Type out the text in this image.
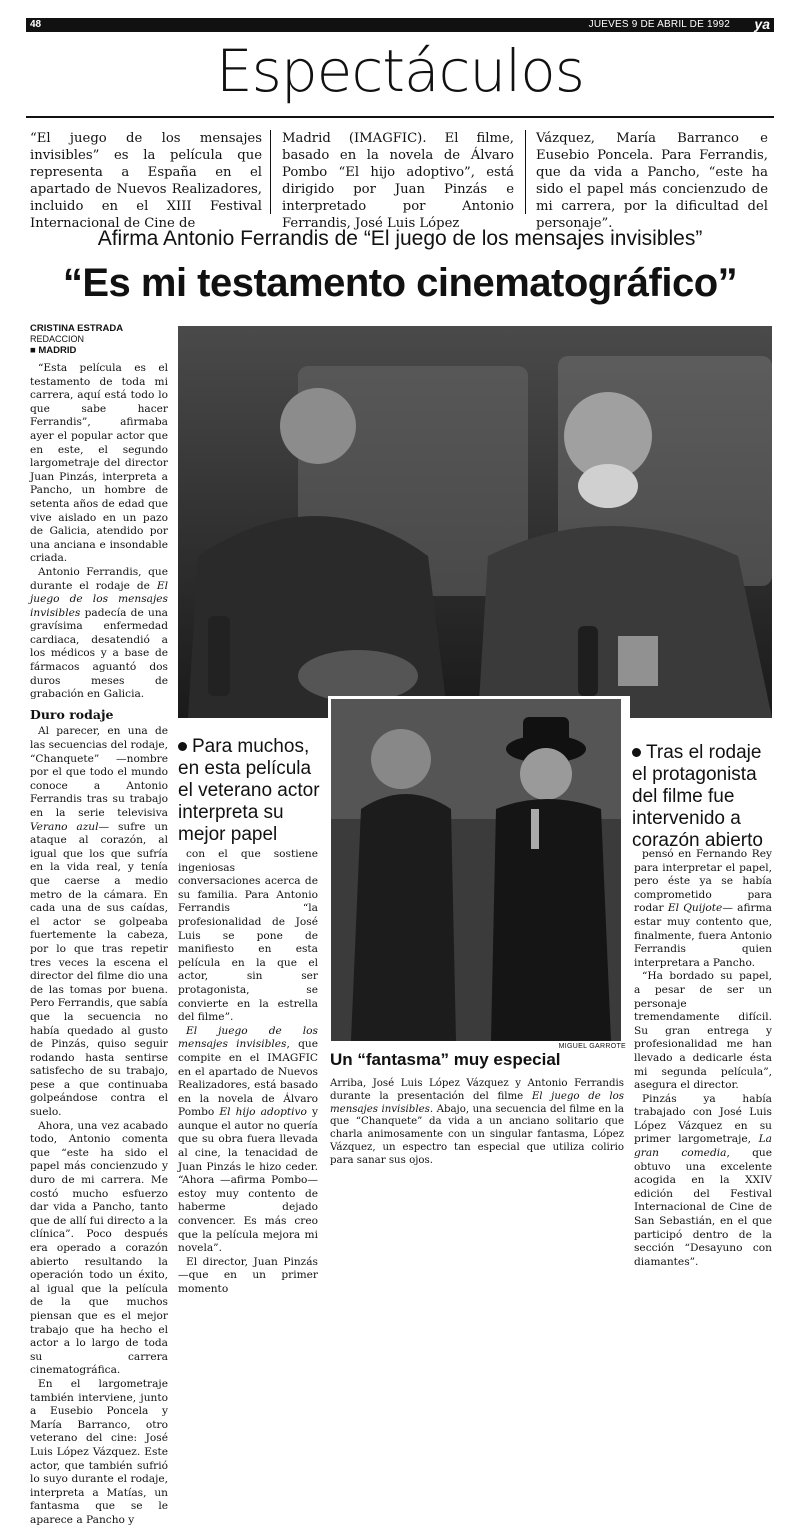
48	JUEVES 9 DE ABRIL DE 1992 ya
Espectáculos
“El juego de los mensajes invisibles” es la película que representa a España en el apartado de Nuevos Realizadores, incluido en el XIII Festival Internacional de Cine de
Madrid (IMAGFIC). El filme, basado en la novela de Álvaro Pombo “El hijo adoptivo”, está dirigido por Juan Pinzás e interpretado por Antonio Ferrandis, José Luis López
Vázquez, María Barranco e Eusebio Poncela. Para Ferrandis, que da vida a Pancho, “este ha sido el papel más concienzudo de mi carrera, por la dificultad del personaje”.
Afirma Antonio Ferrandis de “El juego de los mensajes invisibles”
“Es mi testamento cinematográfico”
CRISTINA ESTRADA
REDACCION
■ MADRID

“Esta película es el testamento de toda mi carrera, aquí está todo lo que sabe hacer Ferrandis”, afirmaba ayer el popular actor que en este, el segundo largometraje del director Juan Pinzás, interpreta a Pancho, un hombre de setenta años de edad que vive aislado en un pazo de Galicia, atendido por una anciana e insondable criada.

Antonio Ferrandis, que durante el rodaje de El juego de los mensajes invisibles padecía de una gravísima enfermedad cardiaca, desatendió a los médicos y a base de fármacos aguantó dos duros meses de grabación en Galicia.

Duro rodaje

Al parecer, en una de las secuencias del rodaje, “Chanquete” —nombre por el que todo el mundo conoce a Antonio Ferrandis tras su trabajo en la serie televisiva Verano azul— sufre un ataque al corazón, al igual que los que sufría en la vida real, y tenía que caerse a medio metro de la cámara. En cada una de sus caídas, el actor se golpeaba fuertemente la cabeza, por lo que tras repetir tres veces la escena el director del filme dio una de las tomas por buena. Pero Ferrandis, que sabía que la secuencia no había quedado al gusto de Pinzás, quiso seguir rodando hasta sentirse satisfecho de su trabajo, pese a que continuaba golpeándose contra el suelo.

Ahora, una vez acabado todo, Antonio comenta que “este ha sido el papel más concienzudo y duro de mi carrera. Me costó mucho esfuerzo dar vida a Pancho, tanto que de allí fui directo a la clínica”. Poco después era operado a corazón abierto resultando la operación todo un éxito, al igual que la película de la que muchos piensan que es el mejor trabajo que ha hecho el actor a lo largo de toda su carrera cinematográfica.

En el largometraje también interviene, junto a Eusebio Poncela y María Barranco, otro veterano del cine: José Luis López Vázquez. Este actor, que también sufrió lo suyo durante el rodaje, interpreta a Matías, un fantasma que se le aparece a Pancho y

Para muchos, en esta película el veterano actor interpreta su mejor papel
MIGUEL GARROTE
Tras el rodaje el protagonista del filme fue intervenido a corazón abierto

con el que sostiene ingeniosas conversaciones acerca de su familia. Para Antonio Ferrandis “la profesionalidad de José Luis se pone de manifiesto en esta película en la que el actor, sin ser protagonista, se convierte en la estrella del filme”.

El juego de los mensajes invisibles, que compite en el IMAGFIC en el apartado de Nuevos Realizadores, está basado en la novela de Álvaro Pombo El hijo adoptivo y aunque el autor no quería que su obra fuera llevada al cine, la tenacidad de Juan Pinzás le hizo ceder. “Ahora —afirma Pombo— estoy muy contento de haberme dejado convencer. Es más creo que la película mejora mi novela”.

El director, Juan Pinzás —que en un primer momento

Un “fantasma” muy especial
Arriba, José Luis López Vázquez y Antonio Ferrandis durante la presentación del filme El juego de los mensajes invisibles. Abajo, una secuencia del filme en la que “Chanquete” da vida a un anciano solitario que charla animosamente con un singular fantasma, López Vázquez, un espectro tan especial que utiliza colirio para sanar sus ojos.

pensó en Fernando Rey para interpretar el papel, pero éste ya se había comprometido para rodar El Quijote— afirma estar muy contento que, finalmente, fuera Antonio Ferrandis quien interpretara a Pancho.

“Ha bordado su papel, a pesar de ser un personaje tremendamente difícil. Su gran entrega y profesionalidad me han llevado a dedicarle ésta mi segunda película”, asegura el director.

Pinzás ya había trabajado con José Luis López Vázquez en su primer largometraje, La gran comedia, que obtuvo una excelente acogida en la XXIV edición del Festival Internacional de Cine de San Sebastián, en el que participó dentro de la sección “Desayuno con diamantes”.
